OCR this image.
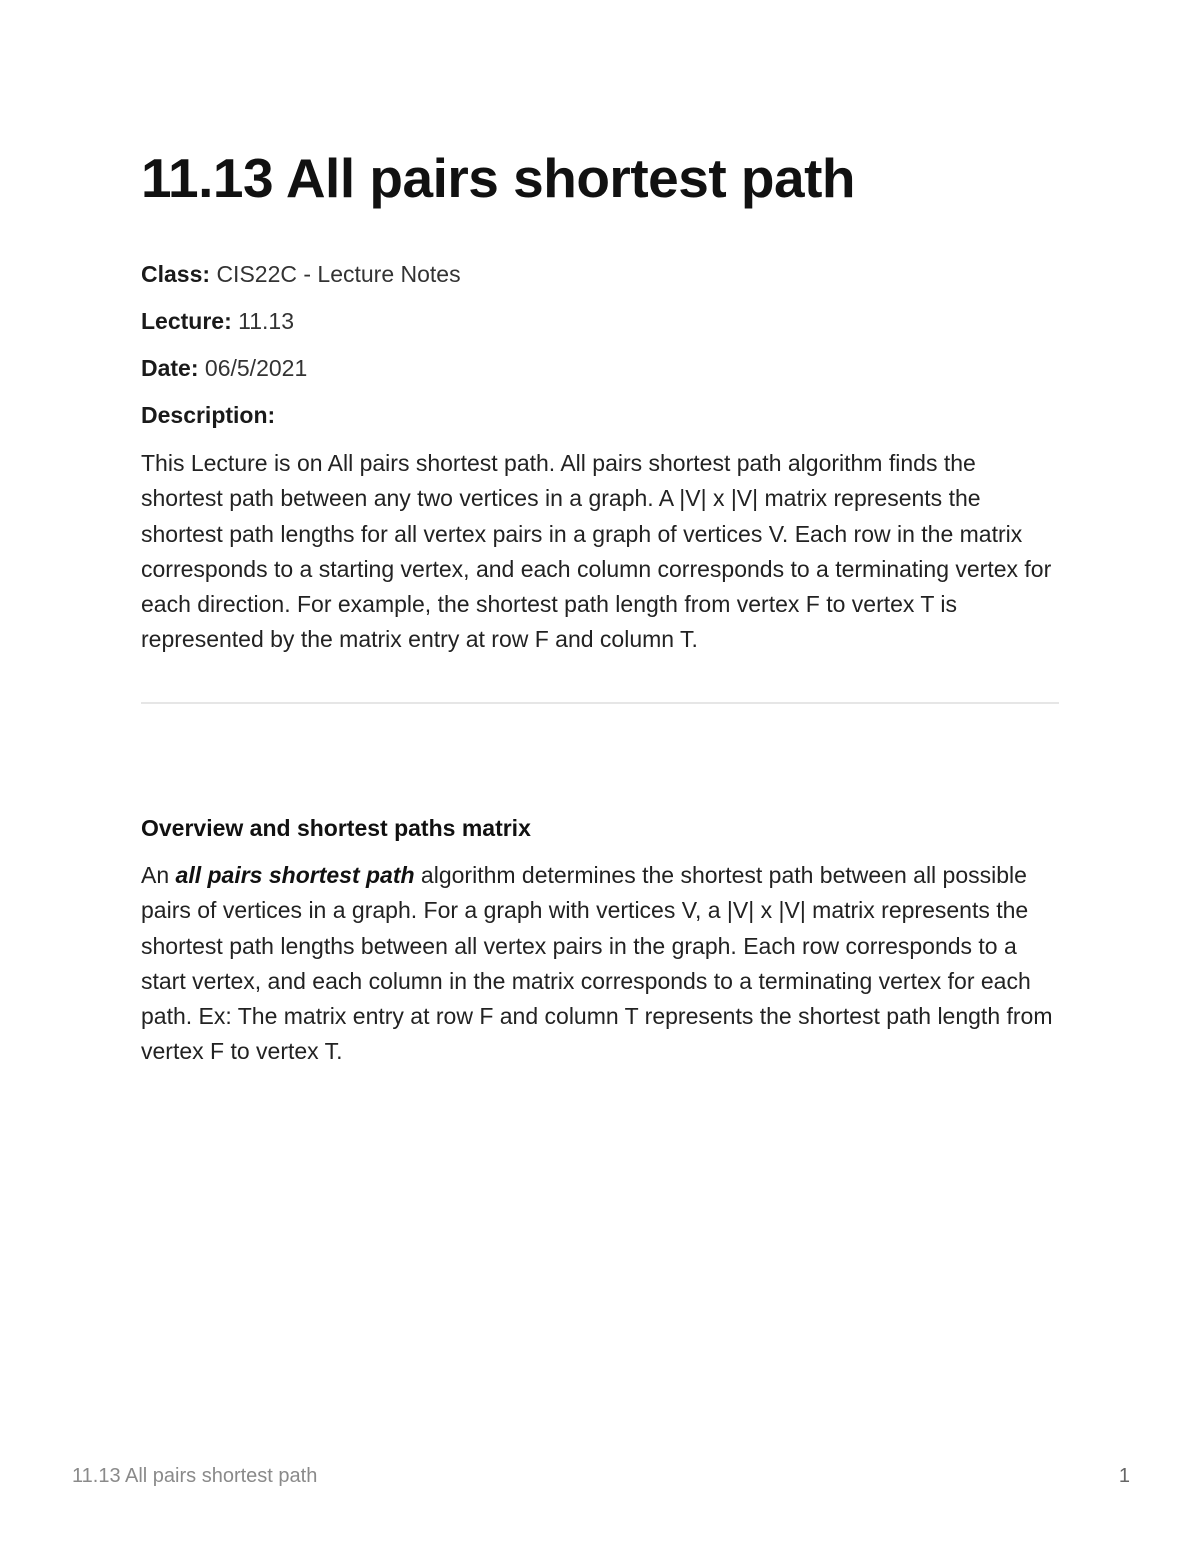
11.13 All pairs shortest path

Class: CIS22C - Lecture Notes

Lecture: 11.13

Date: 06/5/2021

Description:

This Lecture is on All pairs shortest path. All pairs shortest path algorithm finds the shortest path between any two vertices in a graph. A |V| x |V| matrix represents the shortest path lengths for all vertex pairs in a graph of vertices V. Each row in the matrix corresponds to a starting vertex, and each column corresponds to a terminating vertex for each direction. For example, the shortest path length from vertex F to vertex T is represented by the matrix entry at row F and column T.

Overview and shortest paths matrix

An all pairs shortest path algorithm determines the shortest path between all possible pairs of vertices in a graph. For a graph with vertices V, a |V| x |V| matrix represents the shortest path lengths between all vertex pairs in the graph. Each row corresponds to a start vertex, and each column in the matrix corresponds to a terminating vertex for each path. Ex: The matrix entry at row F and column T represents the shortest path length from vertex F to vertex T.

11.13 All pairs shortest path	1
